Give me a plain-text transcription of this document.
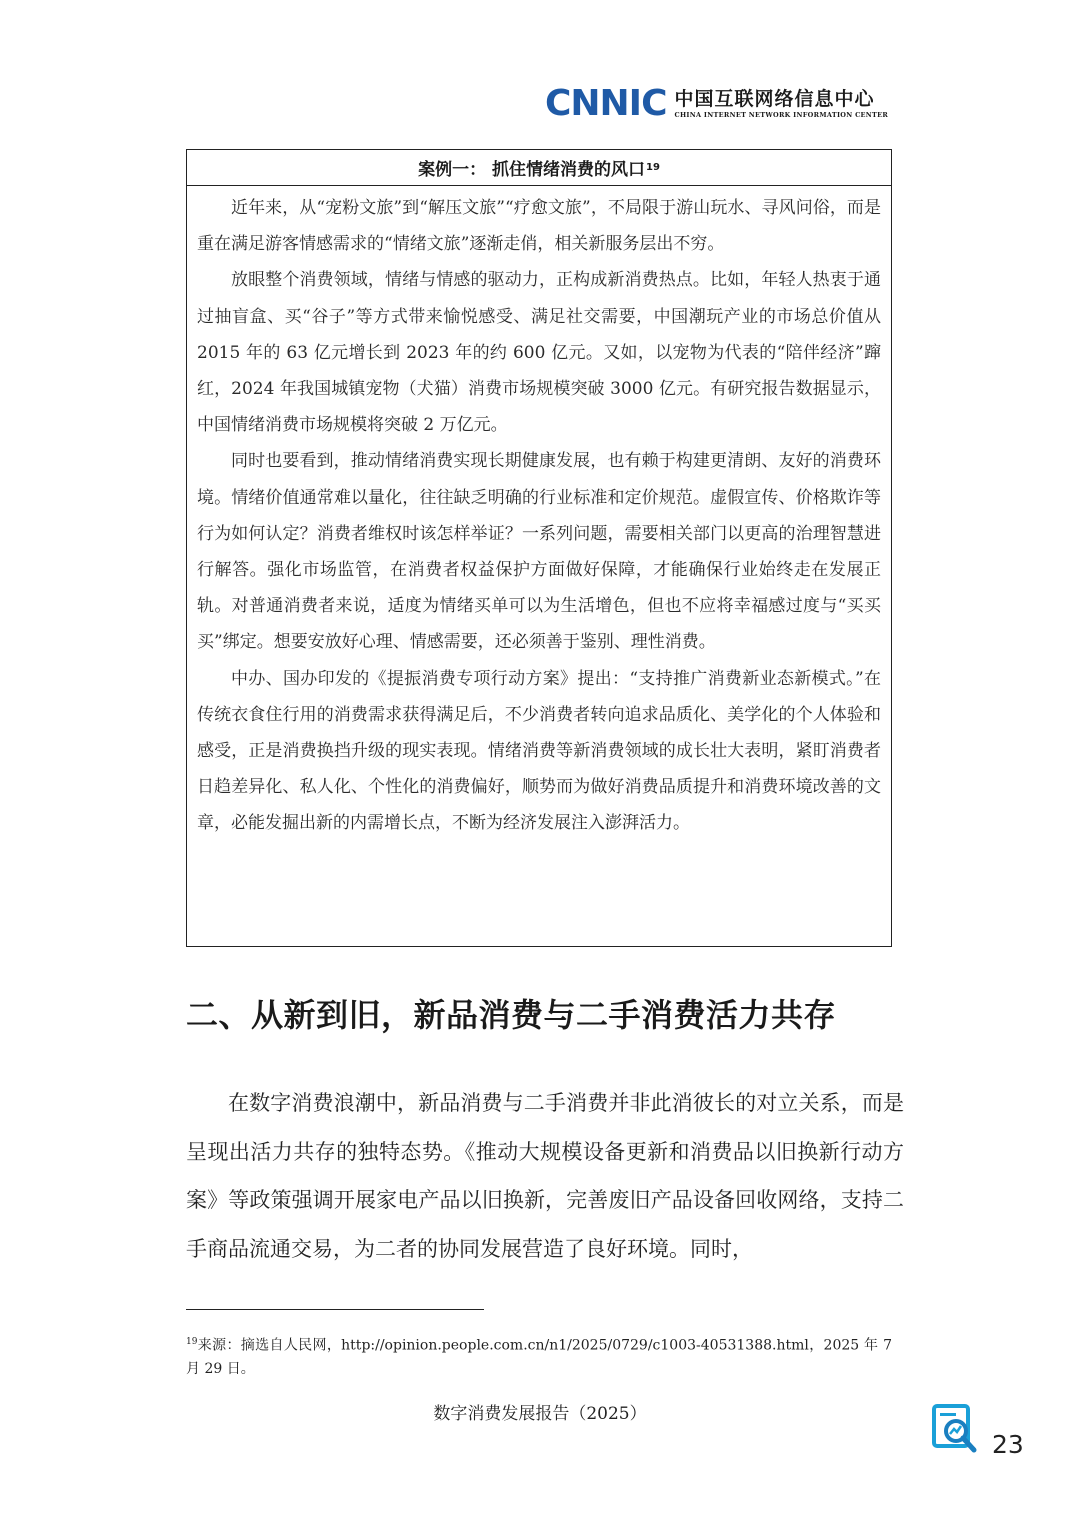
CNNIC 中国互联网络信息中心
CHINA INTERNET NETWORK INFORMATION CENTER
案例一： 抓住情绪消费的风口 19

近年来，从“宠粉文旅”到“解压文旅”“疗愈文旅”，不局限于游山玩水、寻风问俗，而是重在满足游客情感需求的“情绪文旅”逐渐走俏，相关新服务层出不穷。

放眼整个消费领域，情绪与情感的驱动力，正构成新消费热点。比如，年轻人热衷于通过抽盲盒、买“谷子”等方式带来愉悦感受、满足社交需要，中国潮玩产业的市场总价值从 2015 年的 63 亿元增长到 2023 年的约 600 亿元。又如，以宠物为代表的“陪伴经济”蹿红，2024 年我国城镇宠物（犬猫）消费市场规模突破 3000 亿元。有研究报告数据显示，中国情绪消费市场规模将突破 2 万亿元。

同时也要看到，推动情绪消费实现长期健康发展，也有赖于构建更清朗、友好的消费环境。情绪价值通常难以量化，往往缺乏明确的行业标准和定价规范。虚假宣传、价格欺诈等行为如何认定？消费者维权时该怎样举证？一系列问题，需要相关部门以更高的治理智慧进行解答。强化市场监管，在消费者权益保护方面做好保障，才能确保行业始终走在发展正轨。对普通消费者来说，适度为情绪买单可以为生活增色，但也不应将幸福感过度与“买买买”绑定。想要安放好心理、情感需要，还必须善于鉴别、理性消费。

中办、国办印发的《提振消费专项行动方案》提出：“支持推广消费新业态新模式。”在传统衣食住行用的消费需求获得满足后，不少消费者转向追求品质化、美学化的个人体验和感受，正是消费换挡升级的现实表现。情绪消费等新消费领域的成长壮大表明，紧盯消费者日趋差异化、私人化、个性化的消费偏好，顺势而为做好消费品质提升和消费环境改善的文章，必能发掘出新的内需增长点，不断为经济发展注入澎湃活力。

二、从新到旧，新品消费与二手消费活力共存

在数字消费浪潮中，新品消费与二手消费并非此消彼长的对立关系，而是呈现出活力共存的独特态势。《推动大规模设备更新和消费品以旧换新行动方案》等政策强调开展家电产品以旧换新，完善废旧产品设备回收网络，支持二手商品流通交易，为二者的协同发展营造了良好环境。同时，

$^{19}$来源：摘选自人民网，http://opinion.people.com.cn/n1/2025/0729/c1003-40531388.html，2025 年 7 月 29 日。
数字消费发展报告（2025）
23
